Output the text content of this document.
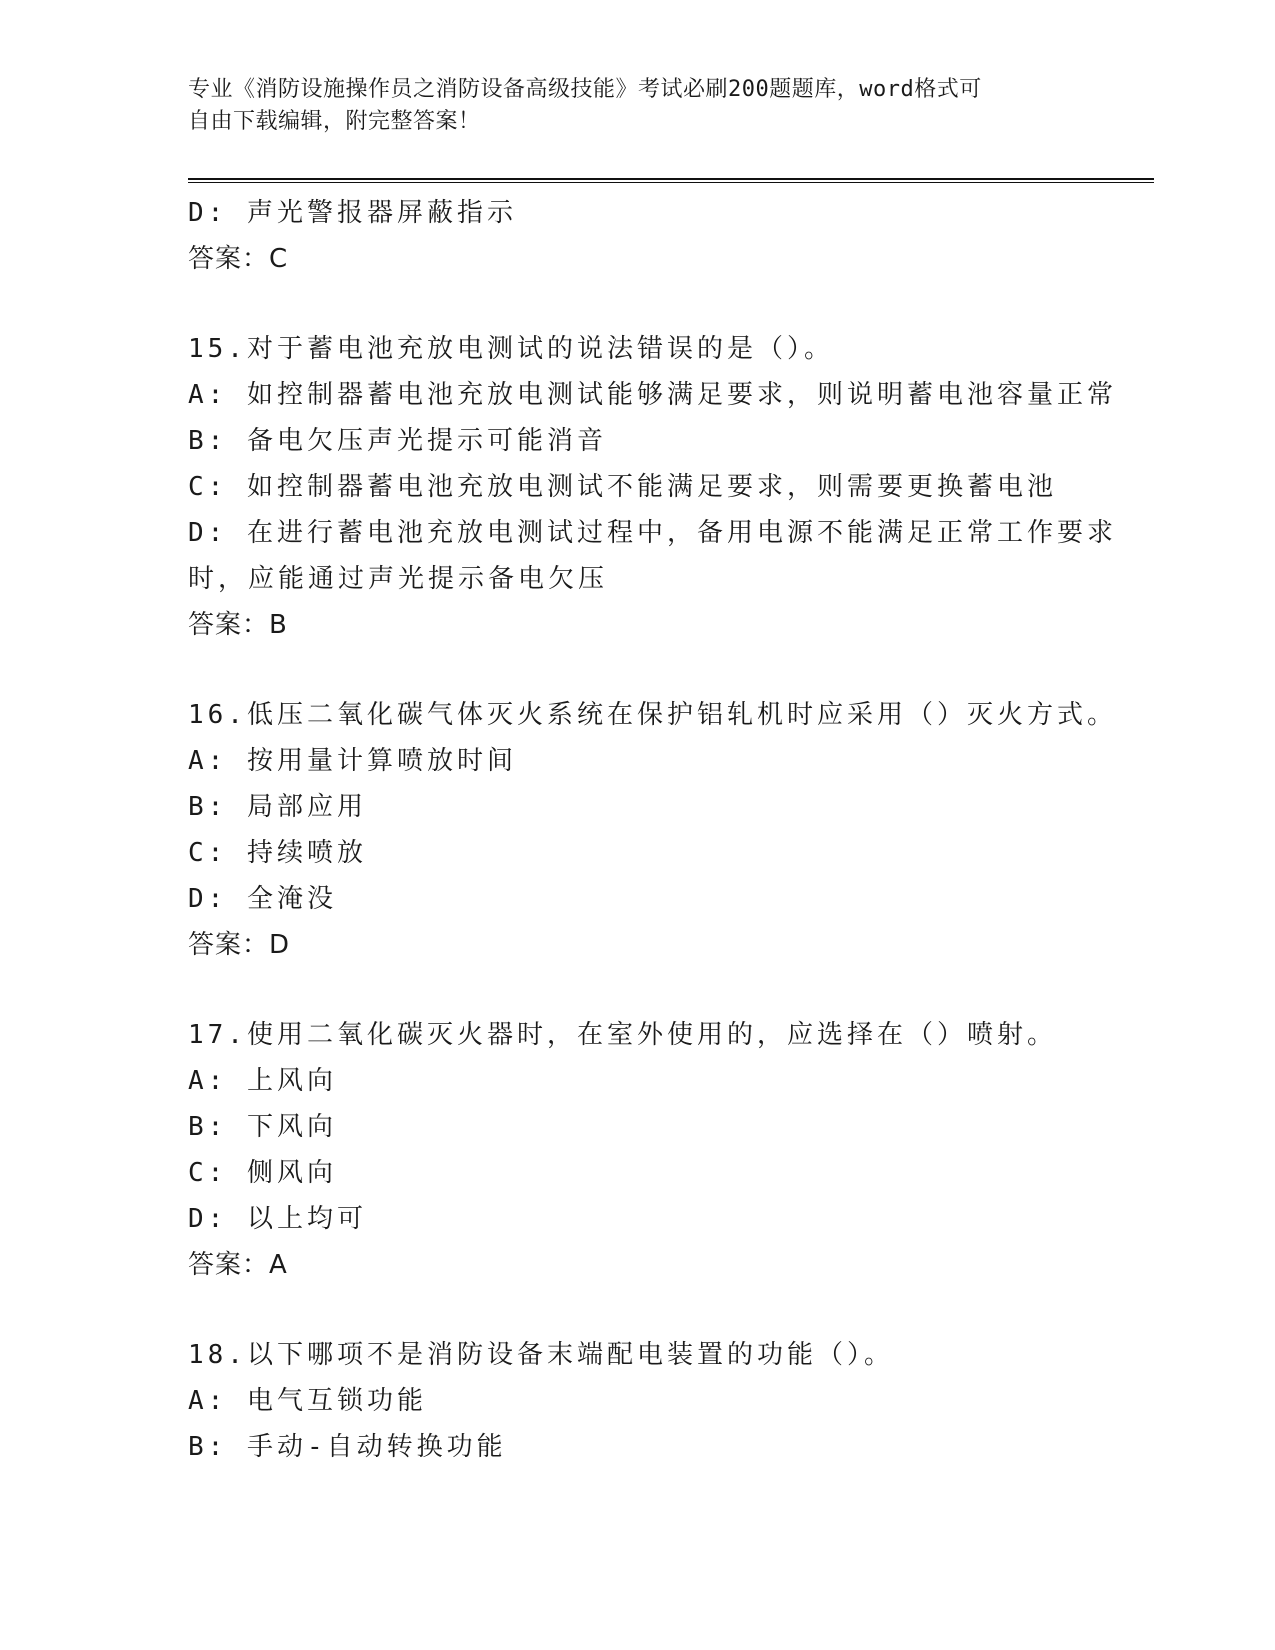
专业《消防设施操作员之消防设备高级技能》考试必刷200题题库，word格式可
自由下载编辑，附完整答案！
D: 声光警报器屏蔽指示
答案：C
15.对于蓄电池充放电测试的说法错误的是（）。
A: 如控制器蓄电池充放电测试能够满足要求，则说明蓄电池容量正常
B: 备电欠压声光提示可能消音
C: 如控制器蓄电池充放电测试不能满足要求，则需要更换蓄电池
D: 在进行蓄电池充放电测试过程中，备用电源不能满足正常工作要求
时，应能通过声光提示备电欠压
答案：B
16.低压二氧化碳气体灭火系统在保护铝轧机时应采用（）灭火方式。
A: 按用量计算喷放时间
B: 局部应用
C: 持续喷放
D: 全淹没
答案：D
17.使用二氧化碳灭火器时，在室外使用的，应选择在（）喷射。
A: 上风向
B: 下风向
C: 侧风向
D: 以上均可
答案：A
18.以下哪项不是消防设备末端配电装置的功能（）。
A: 电气互锁功能
B: 手动-自动转换功能
